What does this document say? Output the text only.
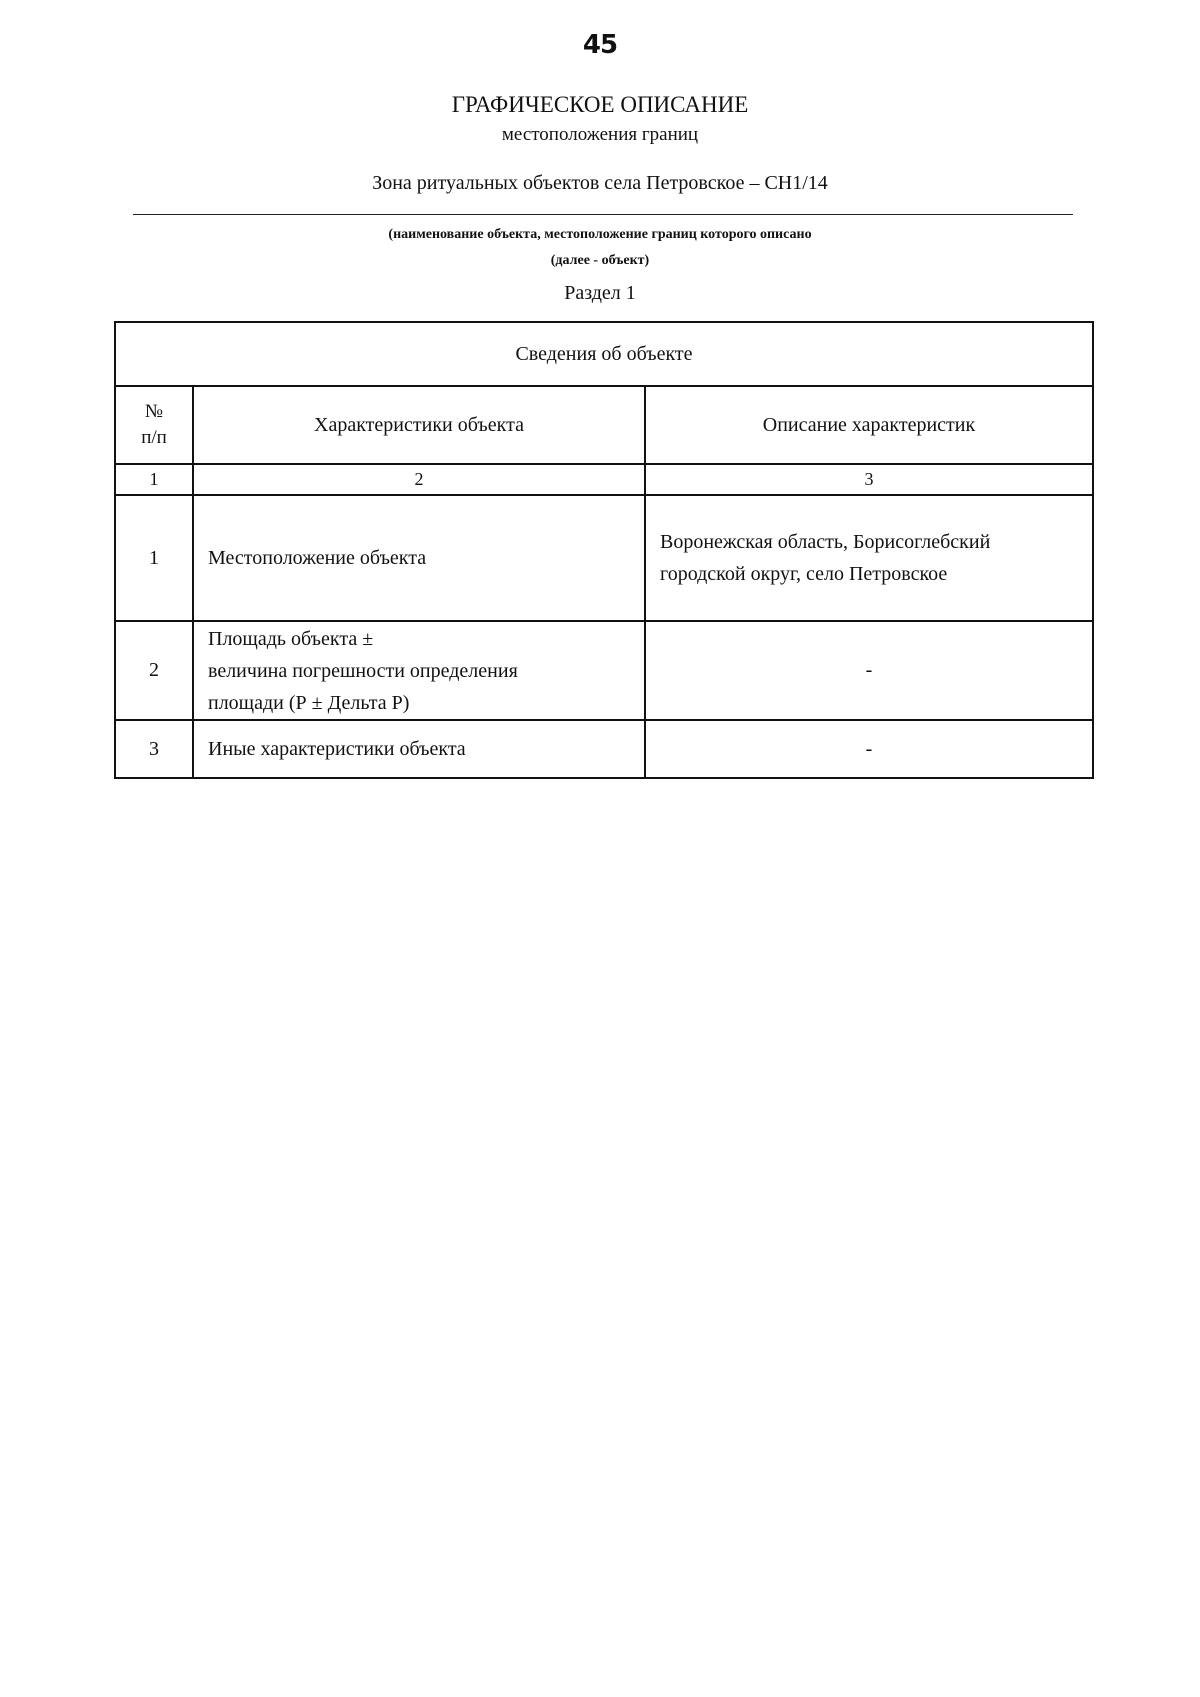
45
ГРАФИЧЕСКОЕ ОПИСАНИЕ
местоположения границ
Зона ритуальных объектов села Петровское – СН1/14
(наименование объекта, местоположение границ которого описано
(далее - объект)
Раздел 1
Сведения об объекте		

№
п/п	Характеристики объекта	Описание характеристик
1	2	3
1	Местоположение объекта	Воронежская область, Борисоглебский
городской округ, село Петровское

2	Площадь объекта ±
величина погрешности определения
площади (Р ± Дельта Р)	-
3	Иные характеристики объекта	-
